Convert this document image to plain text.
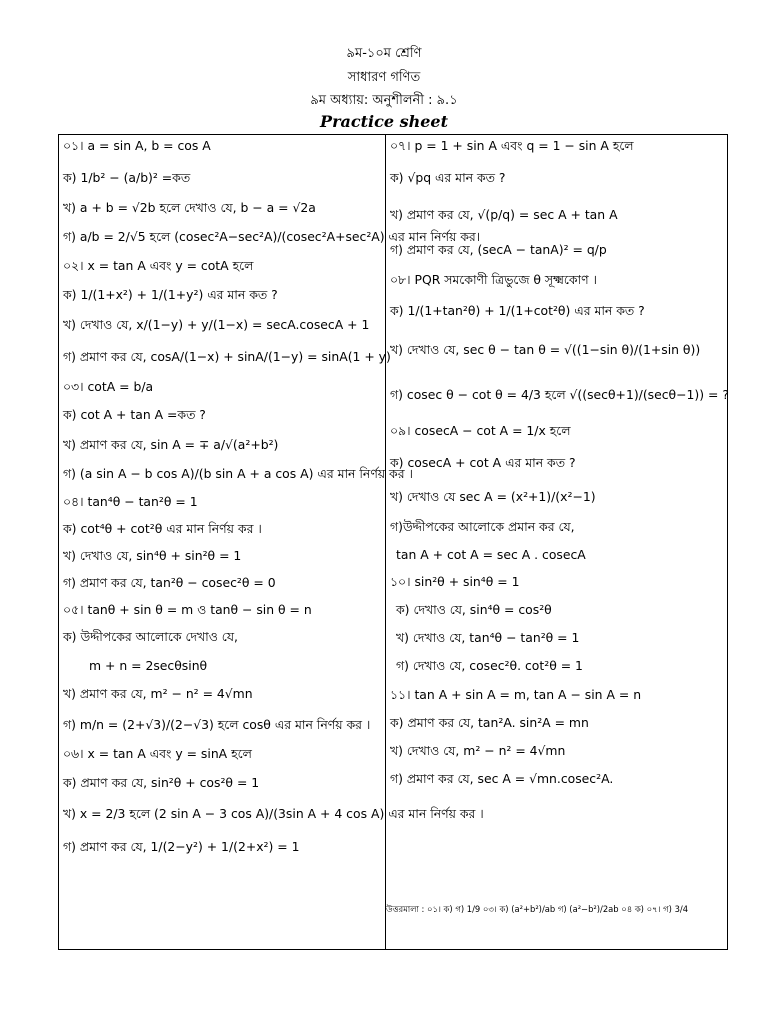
৯ম-১০ম শ্রেণি
সাধারণ গণিত
৯ম অধ্যায়: অনুশীলনী : ৯.১
Practice sheet
০১। a = sin A, b = cos A
ক) 1/b² − (a/b)² =কত
খ) a + b = √2b হলে দেখাও যে, b − a = √2a
গ) a/b = 2/√5 হলে (cosec²A−sec²A)/(cosec²A+sec²A) এর মান নির্ণয় কর।
০২। x = tan A এবং y = cotA হলে
ক) 1/(1+x²) + 1/(1+y²) এর মান কত ?
খ) দেখাও যে, x/(1−y) + y/(1−x) = secA.cosecA + 1
গ) প্রমাণ কর যে, cosA/(1−x) + sinA/(1−y) = sinA(1 + y)
০৩। cotA = b/a
ক) cot A + tan A =কত ?
খ) প্রমাণ কর যে, sin A = ∓ a/√(a²+b²)
গ) (a sin A − b cos A)/(b sin A + a cos A) এর মান নির্ণয় কর ।
০৪। tan⁴θ − tan²θ = 1
ক) cot⁴θ + cot²θ এর মান নির্ণয় কর ।
খ) দেখাও যে, sin⁴θ + sin²θ = 1
গ) প্রমাণ কর যে, tan²θ − cosec²θ = 0
০৫। tanθ + sin θ = m ও tanθ − sin θ = n
ক) উদ্দীপকের আলোকে দেখাও যে,
m + n = 2secθsinθ
খ) প্রমাণ কর যে, m² − n² = 4√mn
গ) m/n = (2+√3)/(2−√3) হলে cosθ এর মান নির্ণয় কর ।
০৬। x = tan A এবং y = sinA হলে
ক) প্রমাণ কর যে, sin²θ + cos²θ = 1
খ) x = 2/3 হলে (2 sin A − 3 cos A)/(3sin A + 4 cos A) এর মান নির্ণয় কর ।
গ) প্রমাণ কর যে, 1/(2−y²) + 1/(2+x²) = 1
০৭। p = 1 + sin A এবং q = 1 − sin A হলে
ক) √pq এর মান কত ?
খ) প্রমাণ কর যে, √(p/q) = sec A + tan A
গ) প্রমাণ কর যে, (secA − tanA)² = q/p
০৮। PQR সমকোণী ত্রিভুজে θ সূক্ষ্মকোণ ।
ক) 1/(1+tan²θ) + 1/(1+cot²θ) এর মান কত ?
খ) দেখাও যে, sec θ − tan θ = √((1−sin θ)/(1+sin θ))
গ) cosec θ − cot θ = 4/3 হলে √((secθ+1)/(secθ−1)) = ?
০৯। cosecA − cot A = 1/x হলে
ক) cosecA + cot A এর মান কত ?
খ) দেখাও যে sec A = (x²+1)/(x²−1)
গ)উদ্দীপকের আলোকে প্রমান কর যে,
tan A + cot A = sec A . cosecA
১০। sin²θ + sin⁴θ = 1
ক) দেখাও যে, sin⁴θ = cos²θ
খ) দেখাও যে, tan⁴θ − tan²θ = 1
গ) দেখাও যে, cosec²θ. cot²θ = 1
১১। tan A + sin A = m, tan A − sin A = n
ক) প্রমাণ কর যে, tan²A. sin²A = mn
খ) দেখাও যে, m² − n² = 4√mn
গ) প্রমাণ কর যে, sec A = √mn.cosec²A.
উত্তরমালা : ০১। ক) গ) 1/9 ০৩। ক) (a²+b²)/ab গ) (a²−b²)/2ab ০৪ ক) ০৭। গ) 3/4
